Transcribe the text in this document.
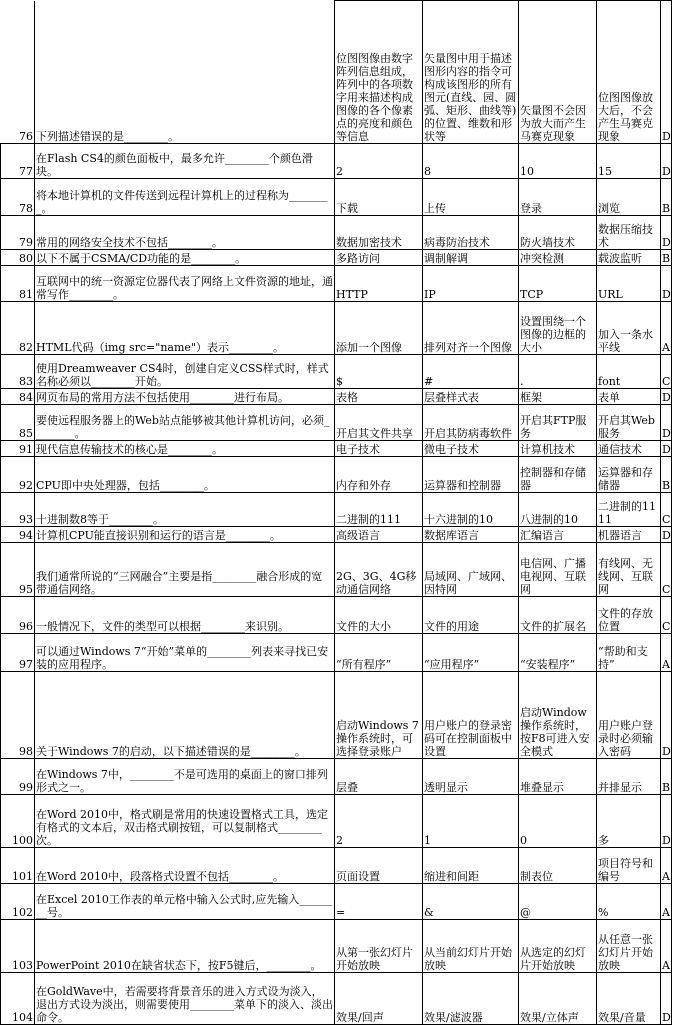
76	下列描述错误的是________。	位图图像由数字阵列信息组成，阵列中的各项数字用来描述构成图像的各个像素点的亮度和颜色等信息	矢量图中用于描述图形内容的指令可构成该图形的所有图元(直线、园、圆弧、矩形、曲线等)的位置、维数和形状等	矢量图不会因为放大而产生马赛克现象	位图图像放大后，不会产生马赛克现象	D
77	在Flash CS4的颜色面板中，最多允许________个颜色滑块。	2	8	10	15	D
78	将本地计算机的文件传送到远程计算机上的过程称为________。	下载	上传	登录	浏览	B
79	常用的网络安全技术不包括________。	数据加密技术	病毒防治技术	防火墙技术	数据压缩技术	D
80	以下不属于CSMA/CD功能的是________。	多路访问	调制解调	冲突检测	载波监听	B
81	互联网中的统一资源定位器代表了网络上文件资源的地址，通常写作________。	HTTP	IP	TCP	URL	D
82	HTML代码（img src="name"）表示________。	添加一个图像	排列对齐一个图像	设置围绕一个图像的边框的大小	加入一条水平线	A
83	使用Dreamweaver CS4时，创建自定义CSS样式时，样式名称必须以________开始。	$	#	.	font	C
84	网页布局的常用方法不包括使用________进行布局。	表格	层叠样式表	框架	表单	D
85	要使远程服务器上的Web站点能够被其他计算机访问，必须________。	开启其文件共享	开启其防病毒软件	开启其FTP服务	开启其Web服务	D
91	现代信息传输技术的核心是________。	电子技术	微电子技术	计算机技术	通信技术	D
92	CPU即中央处理器，包括________。	内存和外存	运算器和控制器	控制器和存储器	运算器和存储器	B
93	十进制数8等于________。	二进制的111	十六进制的10	八进制的10	二进制的1111	C
94	计算机CPU能直接识别和运行的语言是________。	高级语言	数据库语言	汇编语言	机器语言	D
95	我们通常所说的“三网融合”主要是指________融合形成的宽带通信网络。	2G、3G、4G移动通信网络	局域网、广域网、因特网	电信网、广播电视网、互联网	有线网、无线网、互联网	C
96	一般情况下，文件的类型可以根据________来识别。	文件的大小	文件的用途	文件的扩展名	文件的存放位置	C
97	可以通过Windows 7“开始”菜单的________列表来寻找已安装的应用程序。	“所有程序”	“应用程序”	“安装程序”	“帮助和支持”	A
98	关于Windows 7的启动，以下描述错误的是________。	启动Windows 7操作系统时，可选择登录账户	用户账户的登录密码可在控制面板中设置	启动Window操作系统时，按F8可进入安全模式	用户账户登录时必须输入密码	D
99	在Windows 7中，________不是可选用的桌面上的窗口排列形式之一。	层叠	透明显示	堆叠显示	并排显示	B
100	在Word 2010中，格式刷是常用的快速设置格式工具，选定有格式的文本后，双击格式刷按钮，可以复制格式________次。	2	1	0	多	D
101	在Word 2010中，段落格式设置不包括________。	页面设置	缩进和间距	制表位	项目符号和编号	A
102	在Excel 2010工作表的单元格中输入公式时,应先输入________号。	=	&	@	%	A
103	PowerPoint 2010在缺省状态下，按F5键后，________。	从第一张幻灯片开始放映	从当前幻灯片开始放映	从选定的幻灯片开始放映	从任意一张幻灯片开始放映	A
104	在GoldWave中，若需要将背景音乐的进入方式设为淡入，退出方式设为淡出，则需要使用________菜单下的淡入、淡出命令。	效果/回声	效果/滤波器	效果/立体声	效果/音量	D
